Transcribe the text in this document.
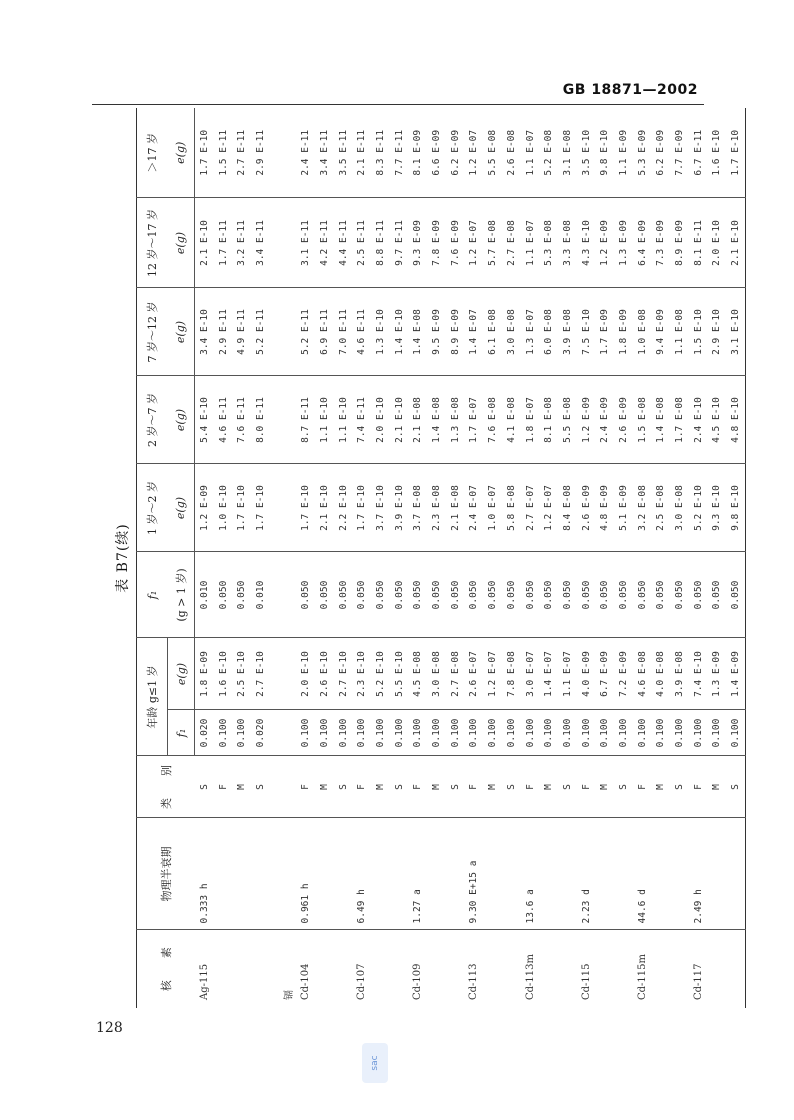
GB 18871—2002
128
表 B7(续)
核　　素	物理半衰期	类　　别	年龄 g≤1 岁		f₁	1 岁～2 岁	2 岁～7 岁	7 岁～12 岁	12 岁～17 岁	＞17 岁
			f₁	e(g)	(g > 1 岁)	e(g)	e(g)	e(g)	e(g)	e(g)
Ag-115	0.333 h	S	0.020	1.8 E-09	0.010	1.2 E-09	5.4 E-10	3.4 E-10	2.1 E-10	1.7 E-10
		F	0.100	1.6 E-10	0.050	1.0 E-10	4.6 E-11	2.9 E-11	1.7 E-11	1.5 E-11
		M	0.100	2.5 E-10	0.050	1.7 E-10	7.6 E-11	4.9 E-11	3.2 E-11	2.7 E-11
		S	0.020	2.7 E-10	0.010	1.7 E-10	8.0 E-11	5.2 E-11	3.4 E-11	2.9 E-11

镉										
Cd-104	0.961 h	F	0.100	2.0 E-10	0.050	1.7 E-10	8.7 E-11	5.2 E-11	3.1 E-11	2.4 E-11
		M	0.100	2.6 E-10	0.050	2.1 E-10	1.1 E-10	6.9 E-11	4.2 E-11	3.4 E-11
		S	0.100	2.7 E-10	0.050	2.2 E-10	1.1 E-10	7.0 E-11	4.4 E-11	3.5 E-11
Cd-107	6.49 h	F	0.100	2.3 E-10	0.050	1.7 E-10	7.4 E-11	4.6 E-11	2.5 E-11	2.1 E-11
		M	0.100	5.2 E-10	0.050	3.7 E-10	2.0 E-10	1.3 E-10	8.8 E-11	8.3 E-11
		S	0.100	5.5 E-10	0.050	3.9 E-10	2.1 E-10	1.4 E-10	9.7 E-11	7.7 E-11
Cd-109	1.27 a	F	0.100	4.5 E-08	0.050	3.7 E-08	2.1 E-08	1.4 E-08	9.3 E-09	8.1 E-09
		M	0.100	3.0 E-08	0.050	2.3 E-08	1.4 E-08	9.5 E-09	7.8 E-09	6.6 E-09
		S	0.100	2.7 E-08	0.050	2.1 E-08	1.3 E-08	8.9 E-09	7.6 E-09	6.2 E-09
Cd-113	9.30 E+15 a	F	0.100	2.6 E-07	0.050	2.4 E-07	1.7 E-07	1.4 E-07	1.2 E-07	1.2 E-07
		M	0.100	1.2 E-07	0.050	1.0 E-07	7.6 E-08	6.1 E-08	5.7 E-08	5.5 E-08
		S	0.100	7.8 E-08	0.050	5.8 E-08	4.1 E-08	3.0 E-08	2.7 E-08	2.6 E-08
Cd-113m	13.6 a	F	0.100	3.0 E-07	0.050	2.7 E-07	1.8 E-07	1.3 E-07	1.1 E-07	1.1 E-07
		M	0.100	1.4 E-07	0.050	1.2 E-07	8.1 E-08	6.0 E-08	5.3 E-08	5.2 E-08
		S	0.100	1.1 E-07	0.050	8.4 E-08	5.5 E-08	3.9 E-08	3.3 E-08	3.1 E-08
Cd-115	2.23 d	F	0.100	4.0 E-09	0.050	2.6 E-09	1.2 E-09	7.5 E-10	4.3 E-10	3.5 E-10
		M	0.100	6.7 E-09	0.050	4.8 E-09	2.4 E-09	1.7 E-09	1.2 E-09	9.8 E-10
		S	0.100	7.2 E-09	0.050	5.1 E-09	2.6 E-09	1.8 E-09	1.3 E-09	1.1 E-09
Cd-115m	44.6 d	F	0.100	4.6 E-08	0.050	3.2 E-08	1.5 E-08	1.0 E-08	6.4 E-09	5.3 E-09
		M	0.100	4.0 E-08	0.050	2.5 E-08	1.4 E-08	9.4 E-09	7.3 E-09	6.2 E-09
		S	0.100	3.9 E-08	0.050	3.0 E-08	1.7 E-08	1.1 E-08	8.9 E-09	7.7 E-09
Cd-117	2.49 h	F	0.100	7.4 E-10	0.050	5.2 E-10	2.4 E-10	1.5 E-10	8.1 E-11	6.7 E-11
		M	0.100	1.3 E-09	0.050	9.3 E-10	4.5 E-10	2.9 E-10	2.0 E-10	1.6 E-10
		S	0.100	1.4 E-09	0.050	9.8 E-10	4.8 E-10	3.1 E-10	2.1 E-10	1.7 E-10
sac
